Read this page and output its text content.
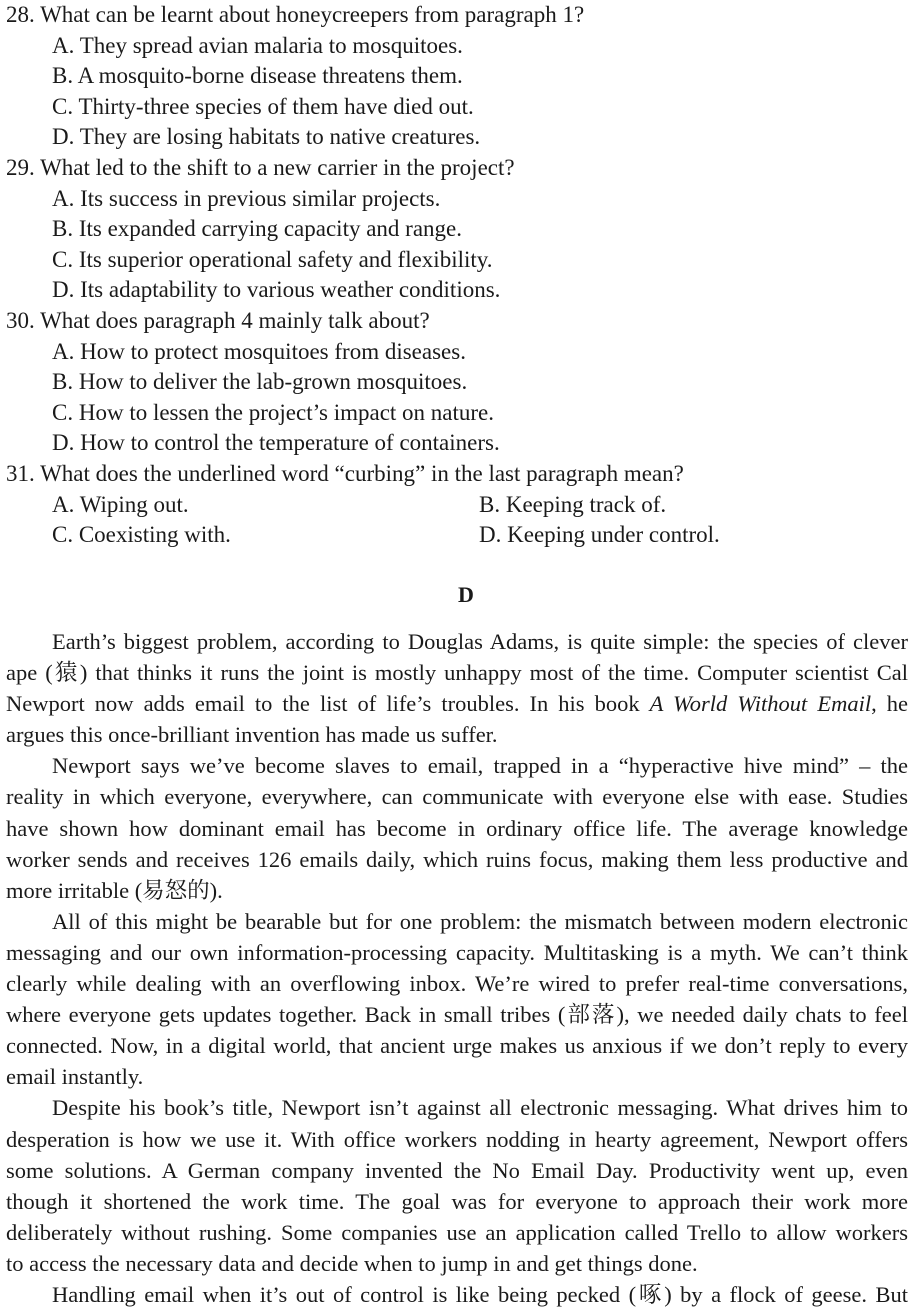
28. What can be learnt about honeycreepers from paragraph 1?
A. They spread avian malaria to mosquitoes.
B. A mosquito-borne disease threatens them.
C. Thirty-three species of them have died out.
D. They are losing habitats to native creatures.
29. What led to the shift to a new carrier in the project?
A. Its success in previous similar projects.
B. Its expanded carrying capacity and range.
C. Its superior operational safety and flexibility.
D. Its adaptability to various weather conditions.
30. What does paragraph 4 mainly talk about?
A. How to protect mosquitoes from diseases.
B. How to deliver the lab-grown mosquitoes.
C. How to lessen the project’s impact on nature.
D. How to control the temperature of containers.
31. What does the underlined word “curbing” in the last paragraph mean?
A. Wiping out.	B. Keeping track of.
C. Coexisting with.	D. Keeping under control.
D
Earth’s biggest problem, according to Douglas Adams, is quite simple: the species of clever
ape (猿) that thinks it runs the joint is mostly unhappy most of the time. Computer scientist Cal
Newport now adds email to the list of life’s troubles. In his book A World Without Email, he
argues this once-brilliant invention has made us suffer.
Newport says we’ve become slaves to email, trapped in a “hyperactive hive mind” – the
reality in which everyone, everywhere, can communicate with everyone else with ease. Studies
have shown how dominant email has become in ordinary office life. The average knowledge
worker sends and receives 126 emails daily, which ruins focus, making them less productive and
more irritable (易怒的).
All of this might be bearable but for one problem: the mismatch between modern electronic
messaging and our own information-processing capacity. Multitasking is a myth. We can’t think
clearly while dealing with an overflowing inbox. We’re wired to prefer real-time conversations,
where everyone gets updates together. Back in small tribes (部落), we needed daily chats to feel
connected. Now, in a digital world, that ancient urge makes us anxious if we don’t reply to every
email instantly.
Despite his book’s title, Newport isn’t against all electronic messaging. What drives him to
desperation is how we use it. With office workers nodding in hearty agreement, Newport offers
some solutions. A German company invented the No Email Day. Productivity went up, even
though it shortened the work time. The goal was for everyone to approach their work more
deliberately without rushing. Some companies use an application called Trello to allow workers
to access the necessary data and decide when to jump in and get things done.
Handling email when it’s out of control is like being pecked (啄) by a flock of geese. But
